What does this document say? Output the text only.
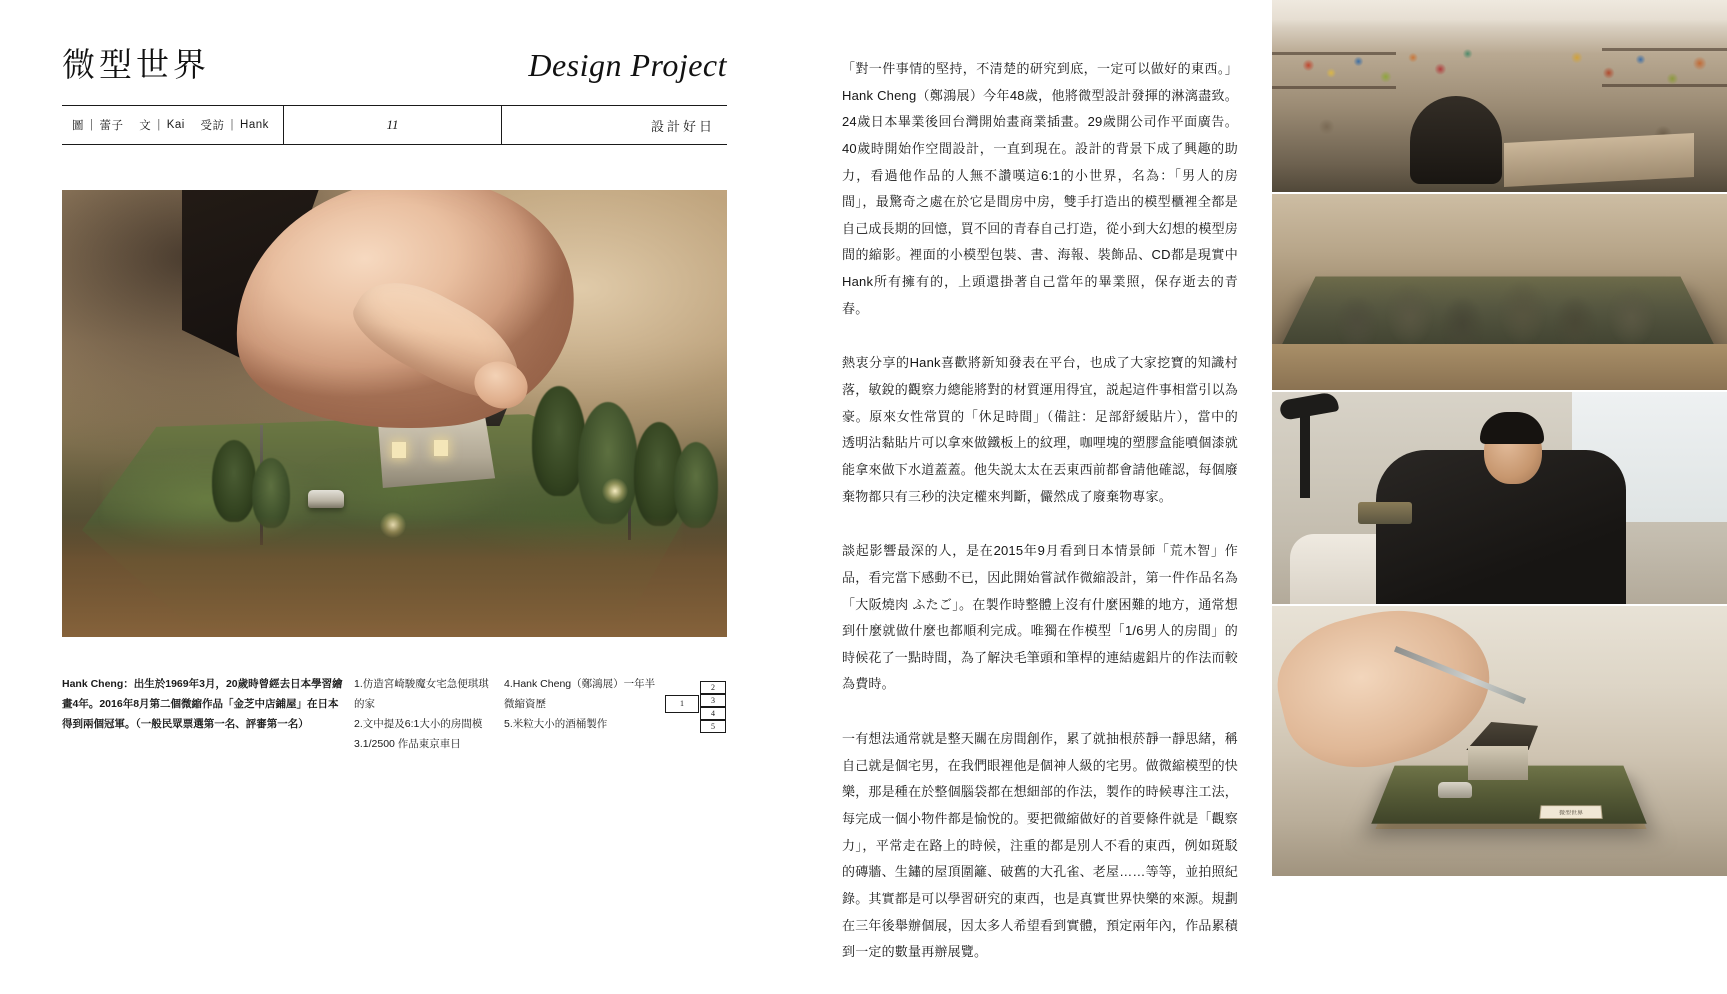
微型世界	Design Project
圖 | 蕾子
文 | Kai
受訪 | Hank	11	設計好日
Hank Cheng：出生於1969年3月，20歲時曾經去日本學習繪畫4年。2016年8月第二個微縮作品「金芝中店鋪屋」在日本得到兩個冠軍。（一般民眾票選第一名、評審第一名）
1.仿造宮崎駿魔女宅急便琪琪的家
2.文中提及6:1大小的房間模
3.1/2500 作品東京車日
4.Hank Cheng（鄭鴻展）一年半微縮資歷
5.米粒大小的酒桶製作
1
2
3
4
5

「對一件事情的堅持，不清楚的研究到底，一定可以做好的東西。」Hank Cheng（鄭鴻展）今年48歲，他將微型設計發揮的淋漓盡致。24歲日本畢業後回台灣開始畫商業插畫。29歲開公司作平面廣告。40歲時開始作空間設計，一直到現在。設計的背景下成了興趣的助力，看過他作品的人無不讚嘆這6:1的小世界，名為：「男人的房間」，最驚奇之處在於它是間房中房，雙手打造出的模型櫃裡全都是自己成長期的回憶，買不回的青春自己打造，從小到大幻想的模型房間的縮影。裡面的小模型包裝、書、海報、裝飾品、CD都是現實中Hank所有擁有的，上頭還掛著自己當年的畢業照，保存逝去的青春。

熱衷分享的Hank喜歡將新知發表在平台，也成了大家挖寶的知識村落，敏銳的觀察力總能將對的材質運用得宜，説起這件事相當引以為豪。原來女性常買的「休足時間」（備註：足部舒緩貼片），當中的透明沾黏貼片可以拿來做鐵板上的紋理，咖哩塊的塑膠盒能噴個漆就能拿來做下水道蓋蓋。他失説太太在丟東西前都會請他確認，每個廢棄物都只有三秒的決定權來判斷，儼然成了廢棄物專家。

談起影響最深的人，是在2015年9月看到日本情景師「荒木智」作品，看完當下感動不已，因此開始嘗試作微縮設計，第一件作品名為「大阪燒肉 ふたご」。在製作時整體上沒有什麼困難的地方，通常想到什麼就做什麼也都順利完成。唯獨在作模型「1/6男人的房間」的時候花了一點時間，為了解決毛筆頭和筆桿的連結處鋁片的作法而較為費時。

一有想法通常就是整天關在房間創作，累了就抽根菸靜一靜思緒，稱自己就是個宅男，在我們眼裡他是個神人級的宅男。做微縮模型的快樂，那是種在於整個腦袋都在想細部的作法，製作的時候專注工法，每完成一個小物件都是愉悅的。要把微縮做好的首要條件就是「觀察力」，平常走在路上的時候，注重的都是別人不看的東西，例如斑駁的磚牆、生鏽的屋頂圍籬、破舊的大孔雀、老屋……等等，並拍照紀錄。其實都是可以學習研究的東西，也是真實世界快樂的來源。規劃在三年後舉辦個展，因太多人希望看到實體，預定兩年內，作品累積到一定的數量再辦展覽。

微型世界
